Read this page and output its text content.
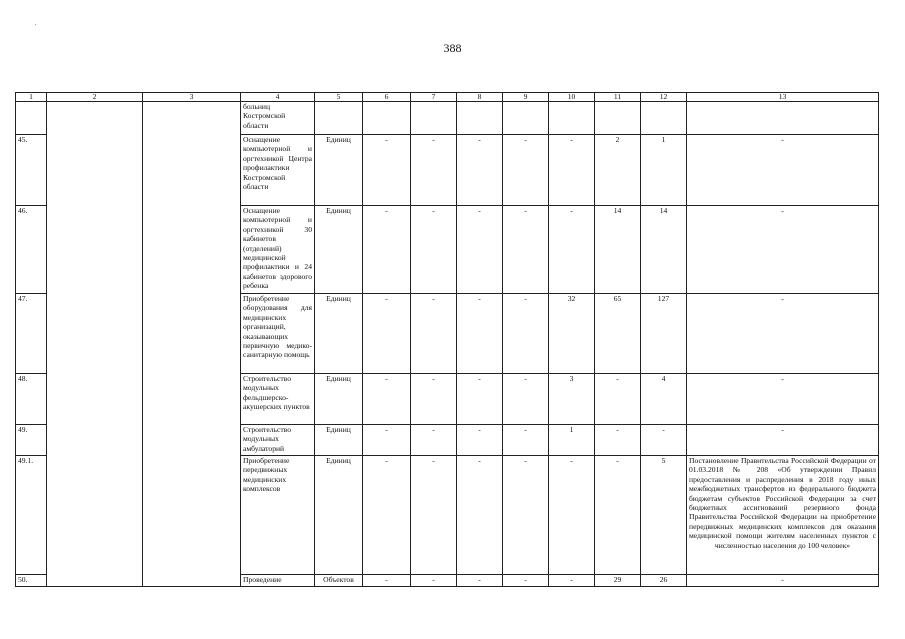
388
1	2	3	4	5	6	7	8	9	10	11	12	13
			больниц Костромской области									
45.			Оснащение компьютерной и оргтехникой Центра профилактики Костромской области	Единиц	-	-	-	-	-	2	1	-
46.			Оснащение компьютерной и оргтехникой 30 кабинетов (отделений) медицинской профилактики и 24 кабинетов здорового ребенка	Единиц	-	-	-	-	-	14	14	-
47.			Приобретение оборудования для медицинских организаций, оказывающих первичную медико-санитарную помощь	Единиц	-	-	-	-	32	65	127	-
48.			Строительство модульных фельдшерско-акушерских пунктов	Единиц	-	-	-	-	3	-	4	-
49.			Строительство модульных амбулаторий	Единиц	-	-	-	-	1	-	-	-
49.1.			Приобретение передвижных медицинских комплексов	Единиц	-	-	-	-	-	-	5	Постановление Правительства Российской Федерации от 01.03.2018 № 208 «Об утверждении Правил предоставления и распределения в 2018 году иных межбюджетных трансфертов из федерального бюджета бюджетам субъектов Российской Федерации за счет бюджетных ассигнований резервного фонда Правительства Российской Федерации на приобретение передвижных медицинских комплексов для оказания медицинской помощи жителям населенных пунктов с численностью населения до 100 человек»
50.			Проведение	Объектов	-	-	-	-	-	29	26	-
